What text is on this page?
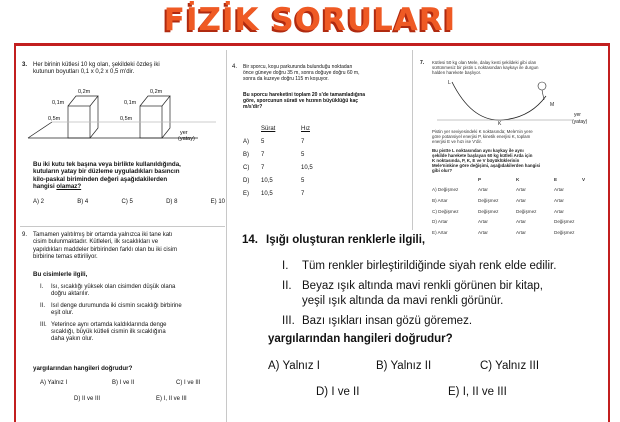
FİZİK SORULARI
3. Her birinin kütlesi 10 kg olan, şekildeki özdeş iki
kutunun boyutları 0,1 x 0,2 x 0,5 m'dir.
0,2m	0,2m
0,1m	0,1m
0,5m	0,5m
yer
(yatay)
Bu iki kutu tek başına veya birlikte kullanıldığında,
kutuların yatay bir düzleme uyguladıkları basıncın
kilo-paskal biriminden değeri aşağıdakilerden
hangisi olamaz?
A) 2	B) 4	C) 5	D) 8	E) 10
4. Bir sporcu, koşu parkurunda bulunduğu noktadan
önce güneye doğru 35 m, sonra doğuye doğru 60 m,
sonra da kuzeye doğru 115 m koşuyor.
Bu sporcu hareketini toplam 20 s'de tamamladığına
göre, sporcunun sürati ve hızının büyüklüğü kaç
m/s'dir?
	Sürat	Hız
A)	5	7
B)	7	5
C)	7	10,5
D)	10,5	5
E)	10,5	7
7. Kütlesi 50 kg olan Mele, dalay kesti şekildeki gibi olan
sürtünmesiz bir pistin L noktasından kaykayı ile durgun
halden harekete başlıyor.
L
K
M
yer
(yatay)
Pistin yer seviyesindeki K noktasında; Mele'nin yere
göre potansiyel enerjisi P, kinetik enerjisi K, toplam
enerjisi E ve hızı ise V'dir.
Bu pistte L noktasından aynı kaykay ile aynı
şekilde harekete başlayan 60 kg kütleli Arda için
K noktasında, P, K, E ve V büyüklüklerinin
Mele'ninkine göre değişimi, aşağıdakilerden hangisi
gibi olur?
	P	K	E	V
A) Değişmez	Artar	Artar	Artar	
B) Artar	Değişmez	Artar	Artar	
C) Değişmez	Değişmez	Değişmez	Artar	
D) Artar	Artar	Artar	Değişmez	
E) Artar	Artar	Artar	Değişmez	
9. Tamamen yalıtılmış bir ortamda yalnızca iki tane katı
cisim bulunmaktadır. Kütleleri, ilk sıcaklıkları ve
yapıldıkları maddeler birbirinden farklı olan bu iki cisim
birbirine temas ettiriliyor.
Bu cisimlerle ilgili,
I.	Isı, sıcaklığı yüksek olan cisimden düşük olana
doğru aktarılır.
II. Isıl denge durumunda iki cismin sıcaklığı birbirine
eşit olur.
III. Yeterince aynı ortamda kaldıklarında denge
sıcaklığı, büyük kütleli cismin ilk sıcaklığına
daha yakın olur.
yargılarından hangileri doğrudur?
A) Yalnız I	B) I ve II	C) I ve III
D) II ve III	E) I, II ve III
14. Işığı oluşturan renklerle ilgili,
I.	Tüm renkler birleştirildiğinde siyah renk elde edilir.
II. Beyaz ışık altında mavi renkli görünen bir kitap,
yeşil ışık altında da mavi renkli görünür.
III. Bazı ışıkları insan gözü göremez.
yargılarından hangileri doğrudur?
A) Yalnız I	B) Yalnız II	C) Yalnız III
D) I ve II	E) I, II ve III
